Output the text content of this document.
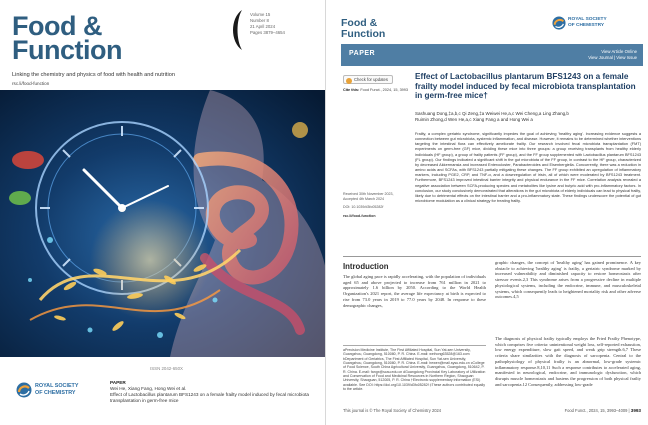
Food &
Function
Volume 15
Number 8
21 April 2024
Pages 3879–4654
Linking the chemistry and physics of food with health and nutrition
rsc.li/food-function
ISSN 2042-650X
ROYAL SOCIETY
OF CHEMISTRY
PAPER
Wei He, Xiang Fang, Hong Wei et al.
Effect of Lactobacillus plantarum BFS1243 on a female frailty model induced by fecal microbiota transplantation in germ-free mice
Food &
Function
ROYAL SOCIETY
OF CHEMISTRY
PAPER	View Article Online
View Journal | View Issue
Check for updates
Cite this: Food Funct., 2024, 15, 3993
Effect of Lactobacillus plantarum BFS1243 on a female frailty model induced by fecal microbiota transplantation in germ-free mice†
Sashuang Dong,‡a,b,c Qi Zeng,‡a Weiwei He,a,c Wei Cheng,a Ling Zhang,b
Ruimin Zhong,d Wen He,a,c Xiang Fang a and Hong Wei a
Frailty, a complex geriatric syndrome, significantly impedes the goal of achieving 'healthy aging'. Increasing evidence suggests a connection between gut microbiota, systemic inflammation, and disease. However, it remains to be determined whether interventions targeting the intestinal flora can effectively ameliorate frailty. Our research involved fecal microbiota transplantation (FMT) experiments on germ-free (GF) mice, dividing these mice into three groups: a group receiving transplants from healthy elderly individuals (HF group), a group of frailty patients (FF group), and the FF group supplemented with Lactobacillus plantarum BFS1243 (FL group). Our findings indicated a significant shift in the gut microbiota of the FF group, in contrast to the HF group, characterized by decreased Akkermansia and increased Enterocloster, Parabacteroides and Eisenbergiella. Concurrently, there was a reduction in amino acids and SCFAs, with BFS1243 partially mitigating these changes. The FF group exhibited an upregulation of inflammatory markers, including PGE2, CRP, and TNF-α, and a downregulation of irisin, all of which were moderated by BFS1243 treatment. Furthermore, BFS1243 improved intestinal barrier integrity and physical endurance in the FF mice. Correlation analysis revealed a negative association between SCFA-producing species and metabolites like lysine and butyric acid with pro-inflammatory factors. In conclusion, our study conclusively demonstrated that alterations in the gut microbiota of elderly individuals can lead to physical frailty, likely due to detrimental effects on the intestinal barrier and a pro-inflammatory state. These findings underscore the potential of gut microbiome modulation as a clinical strategy for treating frailty.
Received 30th November 2023,
Accepted 4th March 2024
DOI: 10.1039/d3fo05282f
rsc.li/food-function
Introduction
The global aging pace is rapidly accelerating, with the population of individuals aged 65 and above projected to increase from 761 million in 2021 to approximately 1.6 billion by 2050. According to the World Health Organization's 2021 report, the average life expectancy at birth is expected to rise from 73.0 years in 2019 to 77.0 years by 2048. In response to these demographic changes,
aPrecision Medicine Institute, The First Affiliated Hospital, Sun Yat-sen University, Guangzhou, Guangdong, 510080, P. R. China. E-mail: weihong63528@163.com bDepartment of Geriatrics, The First Affiliated Hospital, Sun Yat-sen University, Guangzhou, Guangdong, 510080, P. R. China. E-mail: hewen@mail.sysu.edu.cn cCollege of Food Science, South China Agricultural University, Guangzhou, Guangdong, 510642, P. R. China. E-mail: fangx@scau.edu.cn dGuangdong Provincial Key Laboratory of Utilization and Conservation of Food and Medicinal Resources in Northern Region, Shaoguan University, Shaoguan, 512005, P. R. China †Electronic supplementary information (ESI) available. See DOI: https://doi.org/10.1039/d3fo05282f ‡These authors contributed equally to the article.
graphic changes, the concept of 'healthy aging' has gained prominence. A key obstacle to achieving 'healthy aging' is frailty, a geriatric syndrome marked by increased vulnerability and diminished capacity to restore homeostasis after stressor events.2,3 This syndrome arises from a progressive decline in multiple physiological systems, including the endocrine, immune, and musculoskeletal systems, which consequently leads to heightened mortality risk and other adverse outcomes.4,5
The diagnosis of physical frailty typically employs the Fried Frailty Phenotype, which comprises five criteria: unintentional weight loss, self-reported exhaustion, low energy expenditure, slow gait speed, and weak grip strength.6,7 These criteria share similarities with the diagnosis of sarcopenia. Central to the pathophysiology of physical frailty is an abnormal, low-grade systemic inflammatory response.8,10,11 Such a response contributes to accelerated aging, manifested in neurological, endocrine, and immunologic dysfunction, which disrupts muscle homeostasis and hastens the progression of both physical frailty and sarcopenia.12 Consequently, addressing low-grade
This journal is © The Royal Society of Chemistry 2024	Food Funct., 2024, 15, 3993–4009 | 3993
